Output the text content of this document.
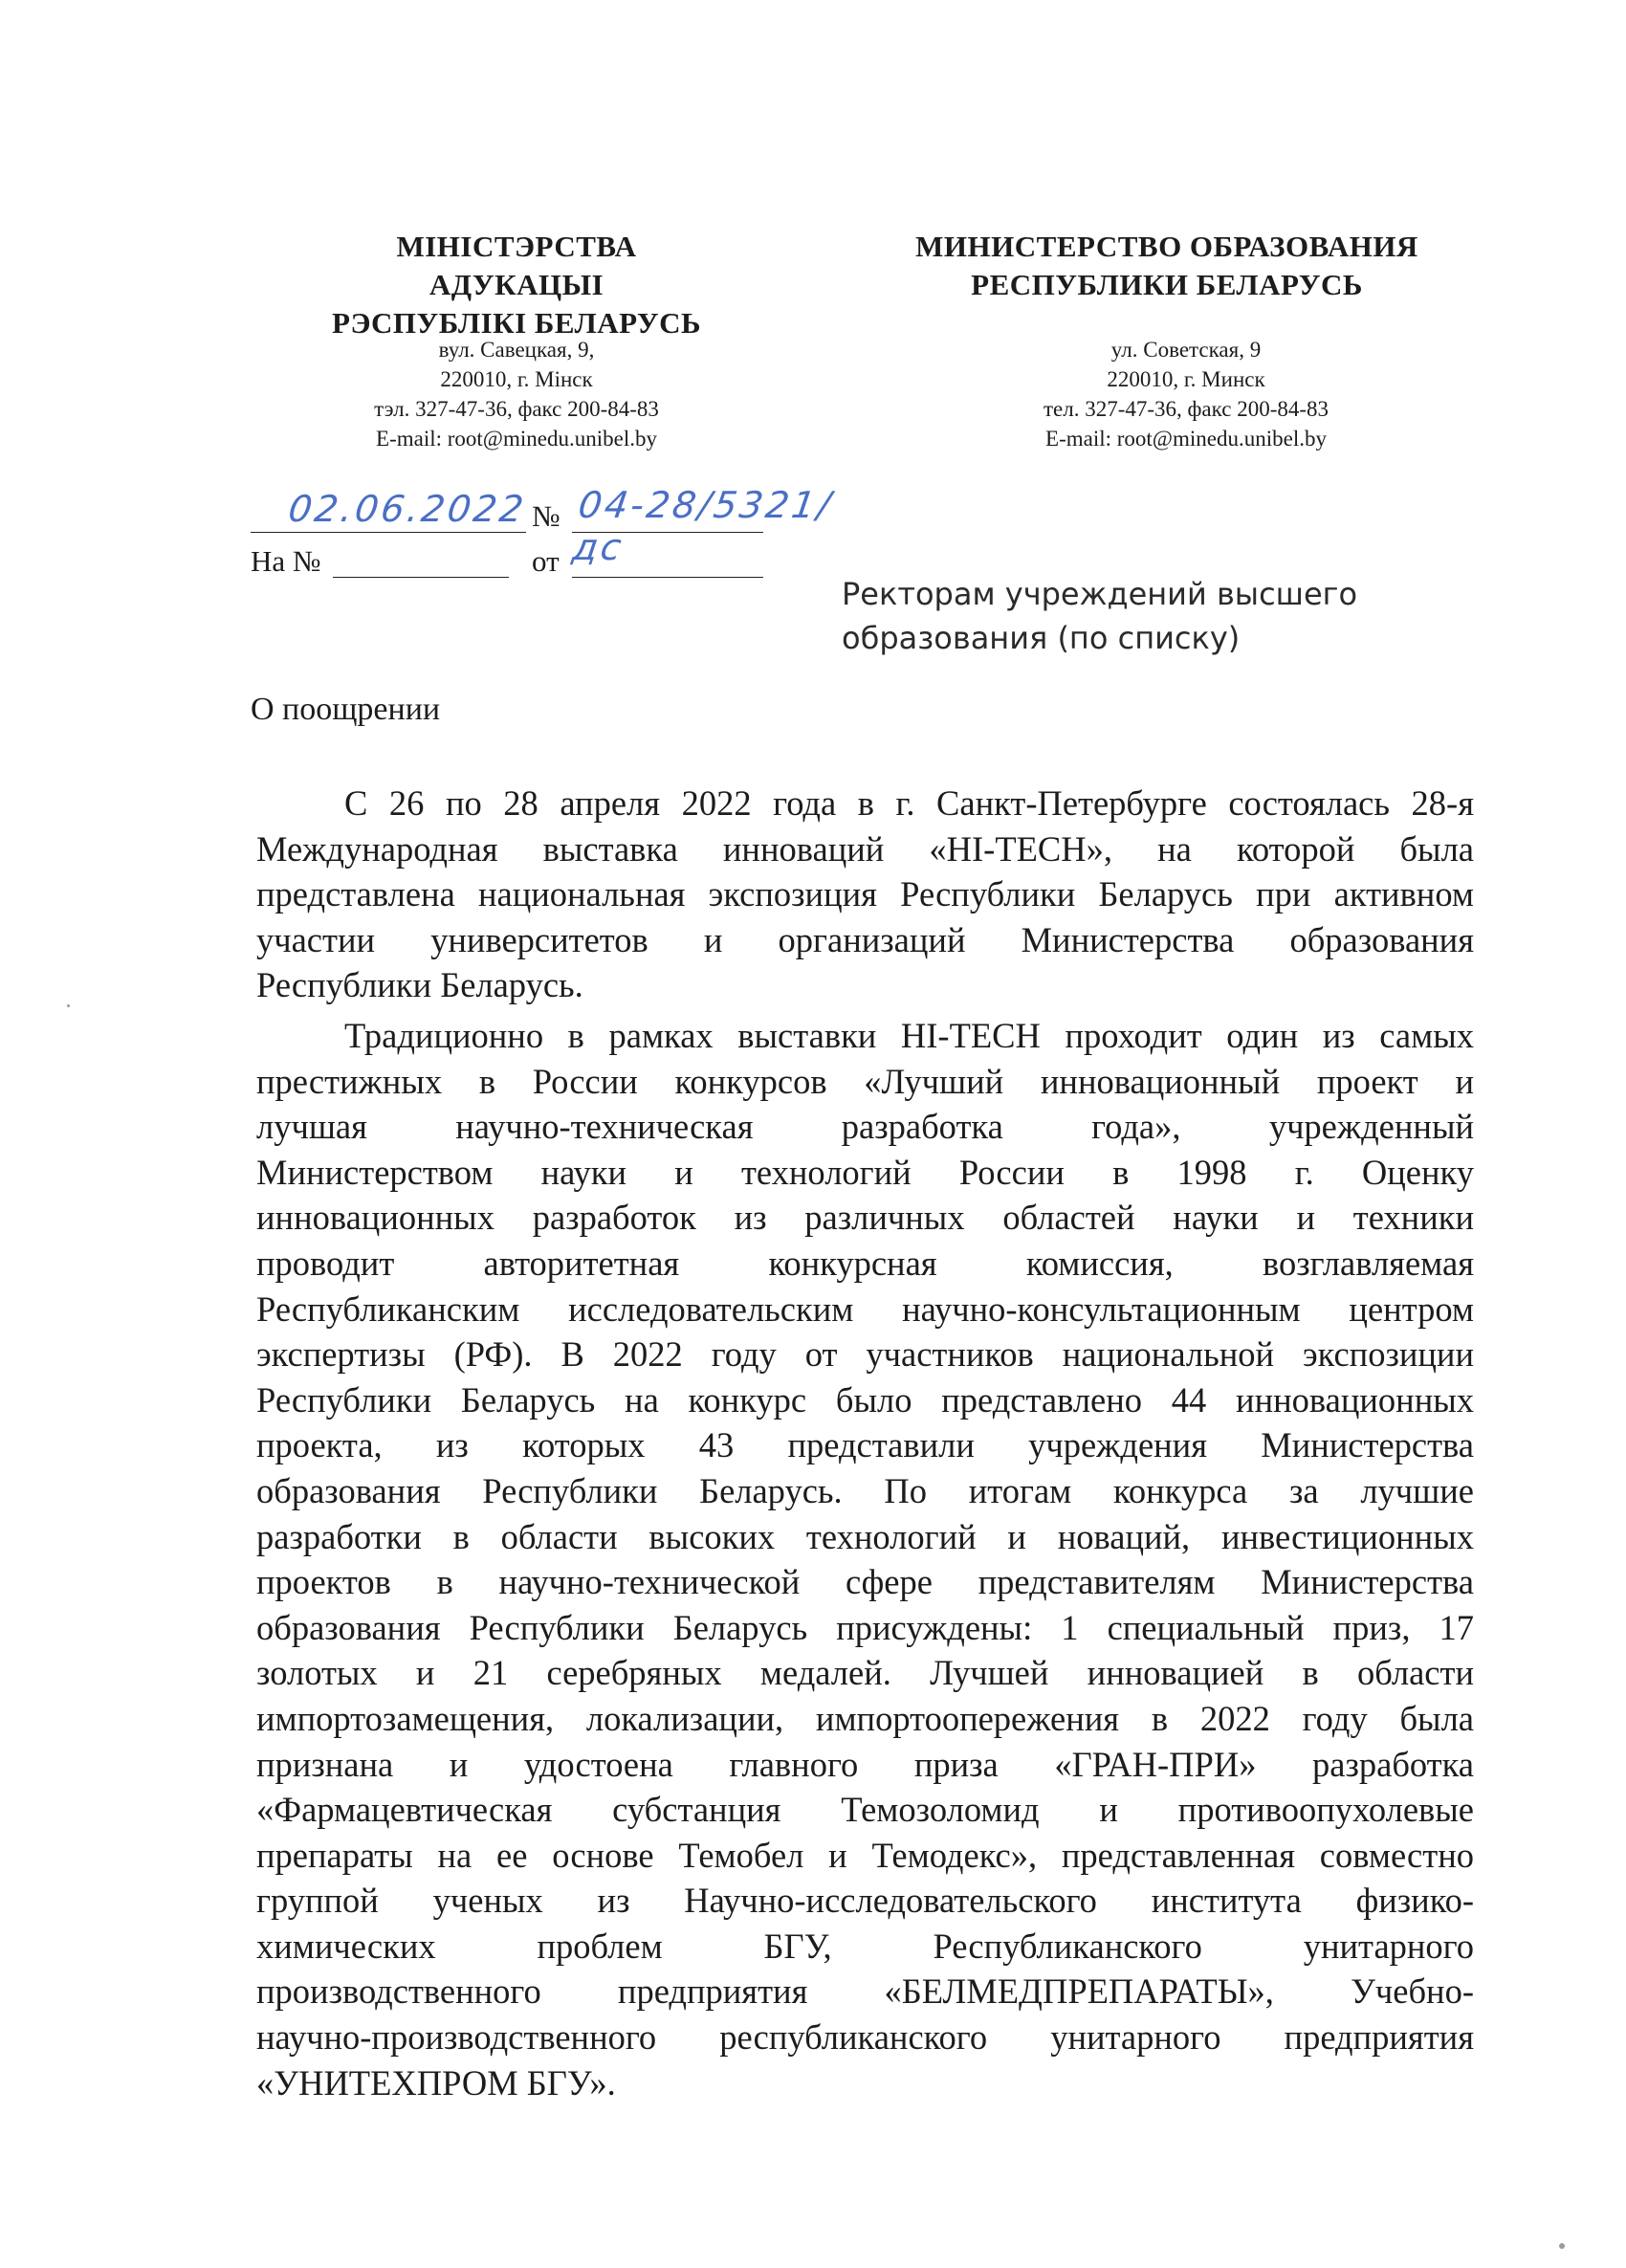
МІНІСТЭРСТВА АДУКАЦЫІ
РЭСПУБЛІКІ БЕЛАРУСЬ
вул. Савецкая, 9,
220010, г. Мінск
тэл. 327-47-36, факс 200-84-83
E-mail: root@minedu.unibel.by
МИНИСТЕРСТВО ОБРАЗОВАНИЯ
РЕСПУБЛИКИ БЕЛАРУСЬ
ул. Советская, 9
220010, г. Минск
тел. 327-47-36, факс 200-84-83
E-mail: root@minedu.unibel.by
02.06.2022 № 04-28/5321/дс
На №	от
Ректорам учреждений высшего
образования (по списку)
О поощрении
С 26 по 28 апреля 2022 года в г. Санкт-Петербурге состоялась 28-я
Международная выставка инноваций «HI-TECH», на которой была
представлена национальная экспозиция Республики Беларусь при активном
участии университетов и организаций Министерства образования
Республики Беларусь.
Традиционно в рамках выставки HI-TECH проходит один из самых
престижных в России конкурсов «Лучший инновационный проект и
лучшая научно-техническая разработка года», учрежденный
Министерством науки и технологий России в 1998 г. Оценку
инновационных разработок из различных областей науки и техники
проводит авторитетная конкурсная комиссия, возглавляемая
Республиканским исследовательским научно-консультационным центром
экспертизы (РФ). В 2022 году от участников национальной экспозиции
Республики Беларусь на конкурс было представлено 44 инновационных
проекта, из которых 43 представили учреждения Министерства
образования Республики Беларусь. По итогам конкурса за лучшие
разработки в области высоких технологий и новаций, инвестиционных
проектов в научно-технической сфере представителям Министерства
образования Республики Беларусь присуждены: 1 специальный приз, 17
золотых и 21 серебряных медалей. Лучшей инновацией в области
импортозамещения, локализации, импортоопережения в 2022 году была
признана и удостоена главного приза «ГРАН-ПРИ» разработка
«Фармацевтическая субстанция Темозоломид и противоопухолевые
препараты на ее основе Темобел и Темодекс», представленная совместно
группой ученых из Научно-исследовательского института физико-
химических проблем БГУ, Республиканского унитарного
производственного предприятия «БЕЛМЕДПРЕПАРАТЫ», Учебно-
научно-производственного республиканского унитарного предприятия
«УНИТЕХПРОМ БГУ».
